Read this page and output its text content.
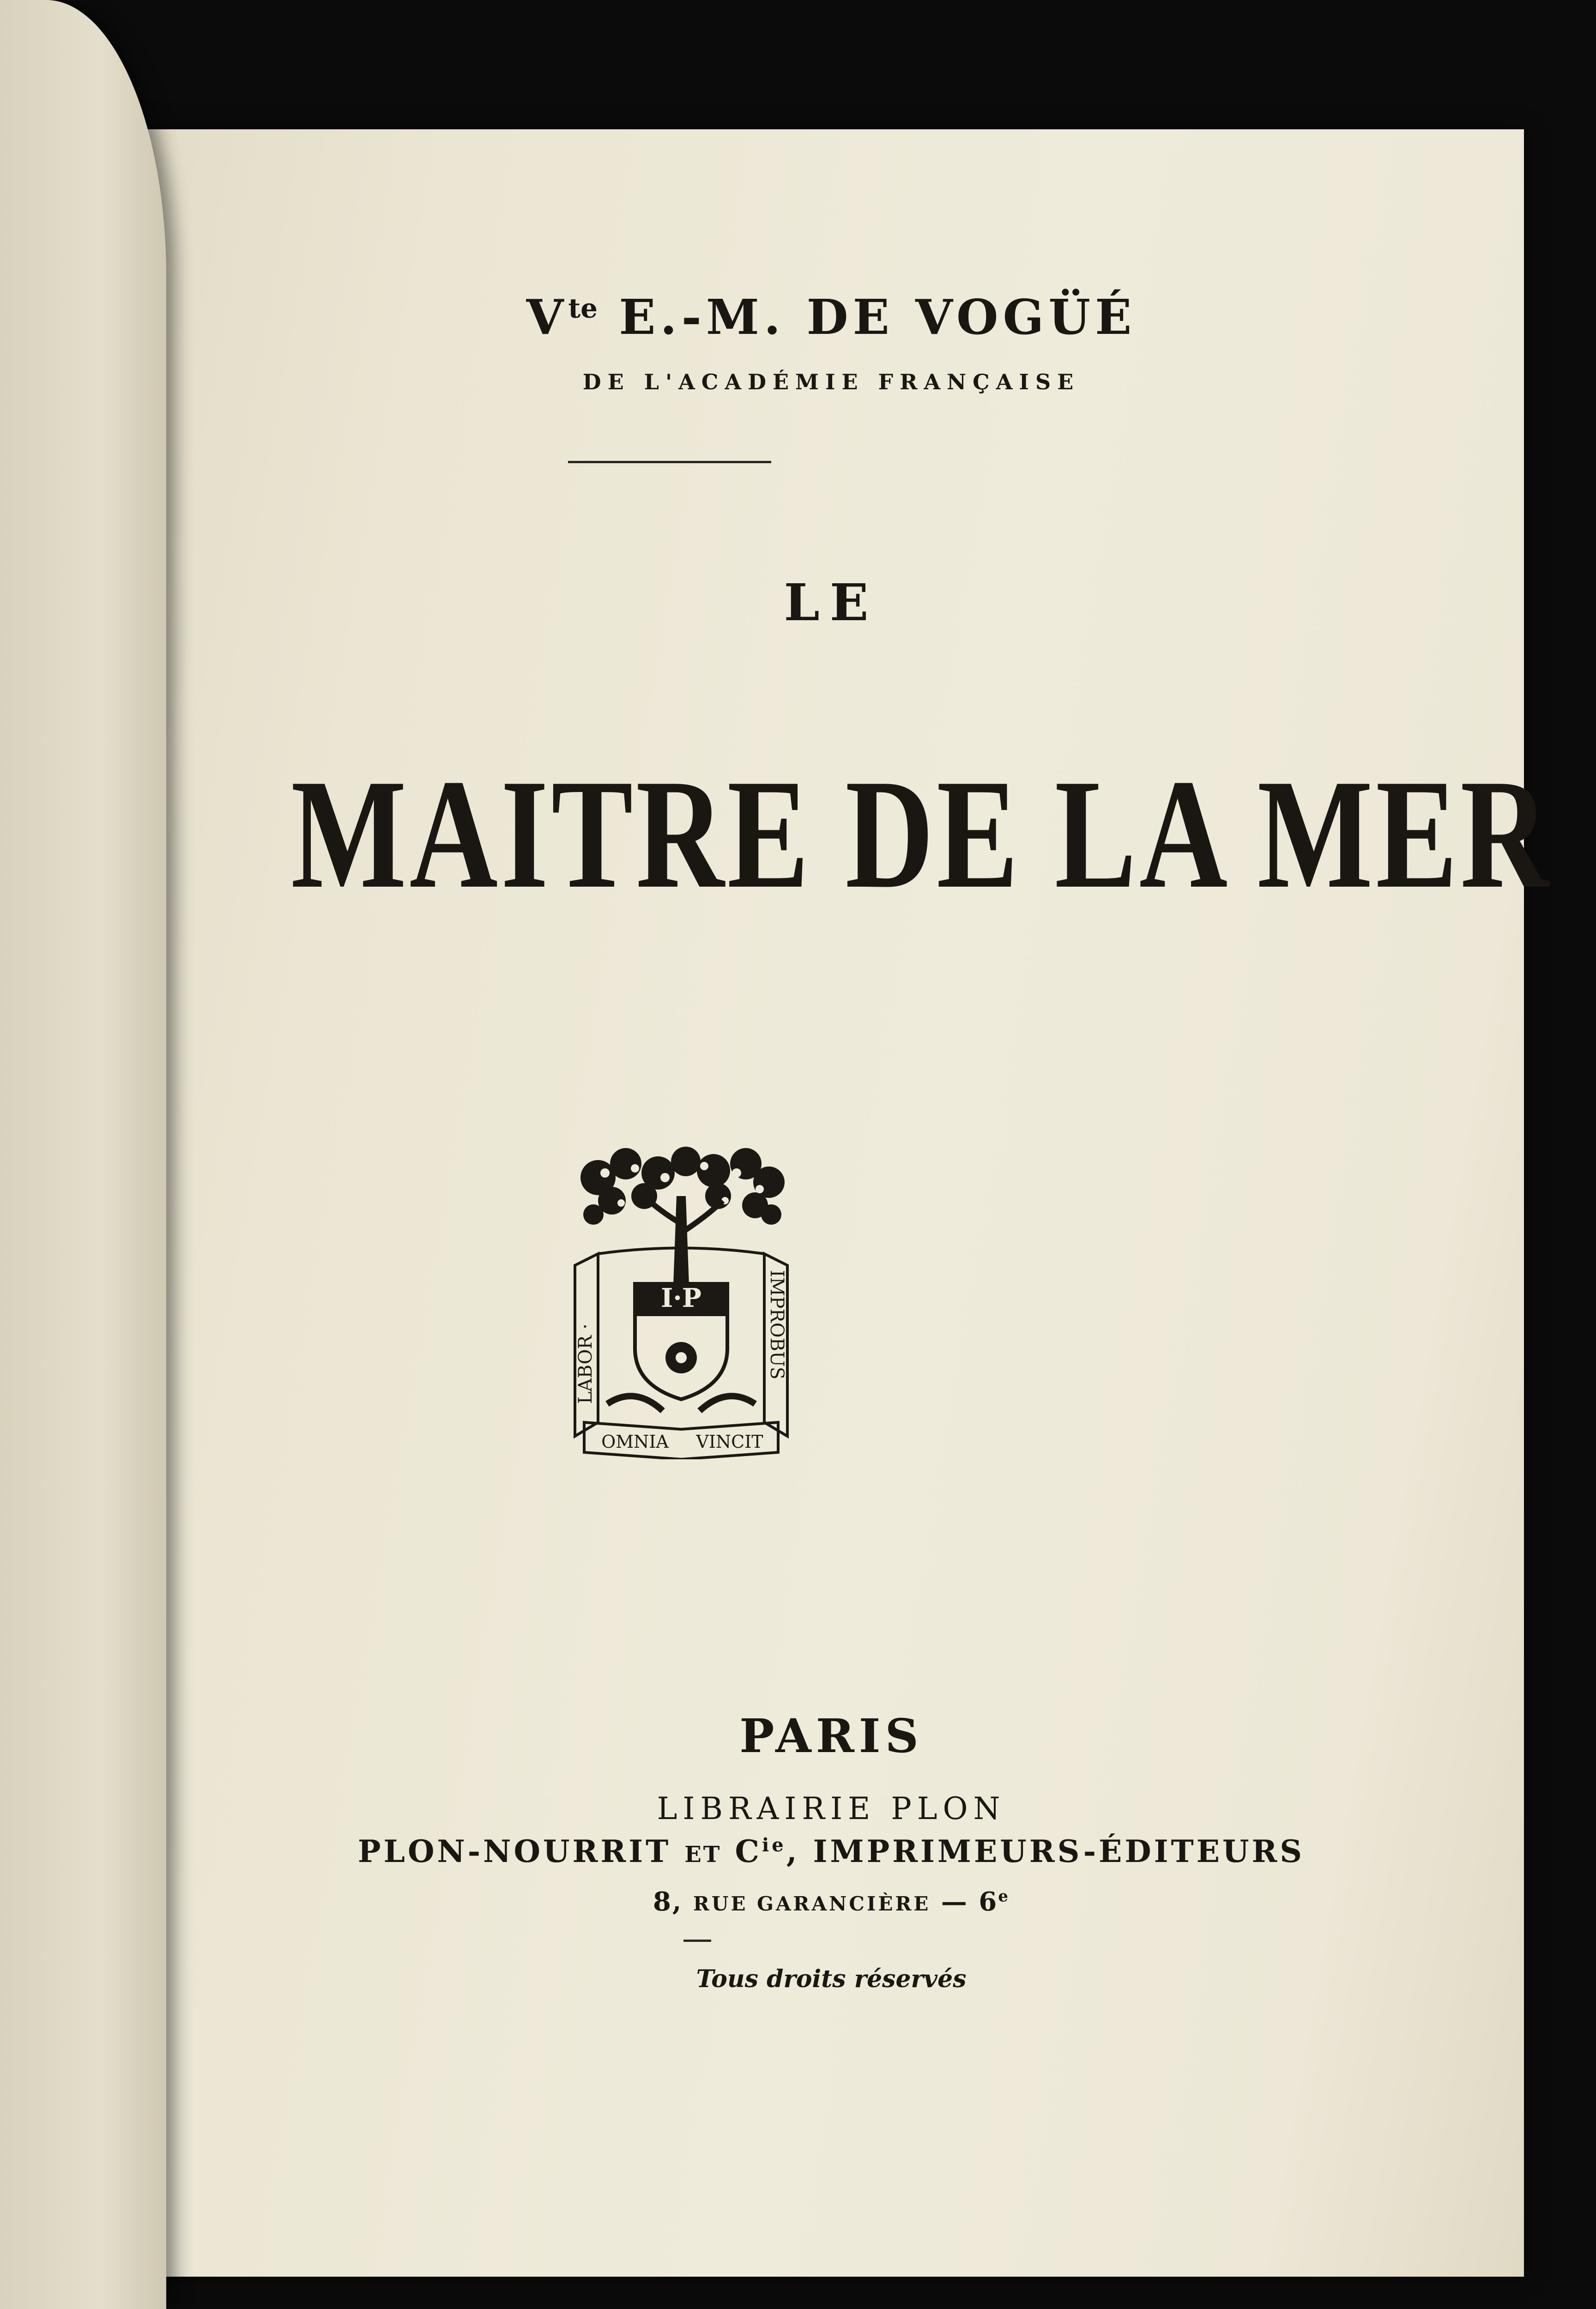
$V^{te}$ E.-M. DE VOGÜÉ
DE L'ACADÉMIE FRANÇAISE
LE
MAITRE DE LA MER
I·P
LABOR ·	IMPROBUS
OMNIA VINCIT
PARIS
LIBRAIRIE PLON
PLON-NOURRIT ET $C^{ie}$, IMPRIMEURS-ÉDITEURS
8, RUE GARANCIÈRE — 6e
Tous droits réservés
